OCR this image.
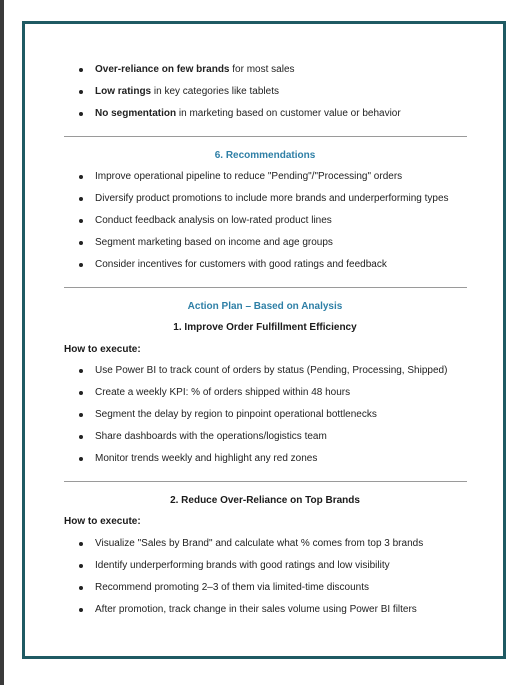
Over-reliance on few brands for most sales
Low ratings in key categories like tablets
No segmentation in marketing based on customer value or behavior
6. Recommendations
Improve operational pipeline to reduce "Pending"/"Processing" orders
Diversify product promotions to include more brands and underperforming types
Conduct feedback analysis on low-rated product lines
Segment marketing based on income and age groups
Consider incentives for customers with good ratings and feedback
Action Plan – Based on Analysis
1. Improve Order Fulfillment Efficiency
How to execute:
Use Power BI to track count of orders by status (Pending, Processing, Shipped)
Create a weekly KPI: % of orders shipped within 48 hours
Segment the delay by region to pinpoint operational bottlenecks
Share dashboards with the operations/logistics team
Monitor trends weekly and highlight any red zones
2. Reduce Over-Reliance on Top Brands
How to execute:
Visualize "Sales by Brand" and calculate what % comes from top 3 brands
Identify underperforming brands with good ratings and low visibility
Recommend promoting 2–3 of them via limited-time discounts
After promotion, track change in their sales volume using Power BI filters
